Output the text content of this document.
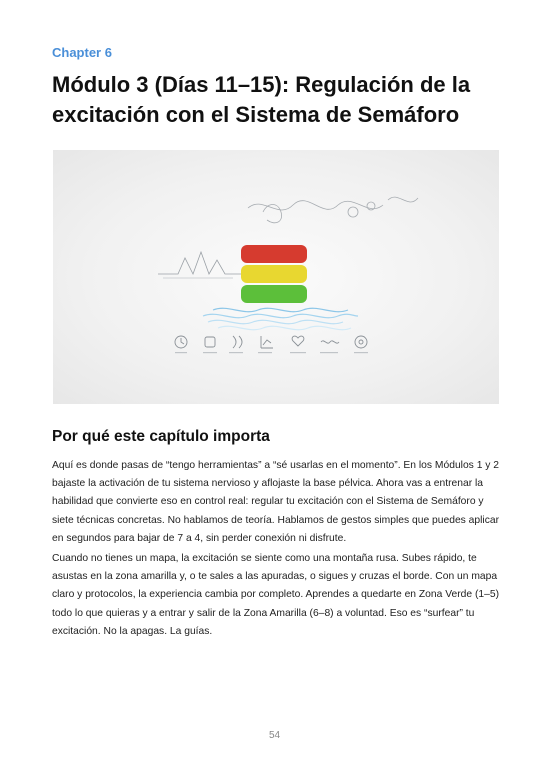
Chapter 6
Módulo 3 (Días 11–15): Regulación de la excitación con el Sistema de Semáforo
Por qué este capítulo importa

Aquí es donde pasas de “tengo herramientas” a “sé usarlas en el momento”. En los Módulos 1 y 2 bajaste la activación de tu sistema nervioso y aflojaste la base pélvica. Ahora vas a entrenar la habilidad que convierte eso en control real: regular tu excitación con el Sistema de Semáforo y siete técnicas concretas. No hablamos de teoría. Hablamos de gestos simples que puedes aplicar en segundos para bajar de 7 a 4, sin perder conexión ni disfrute.

Cuando no tienes un mapa, la excitación se siente como una montaña rusa. Subes rápido, te asustas en la zona amarilla y, o te sales a las apuradas, o sigues y cruzas el borde. Con un mapa claro y protocolos, la experiencia cambia por completo. Aprendes a quedarte en Zona Verde (1–5) todo lo que quieras y a entrar y salir de la Zona Amarilla (6–8) a voluntad. Eso es “surfear” tu excitación. No la apagas. La guías.

54
